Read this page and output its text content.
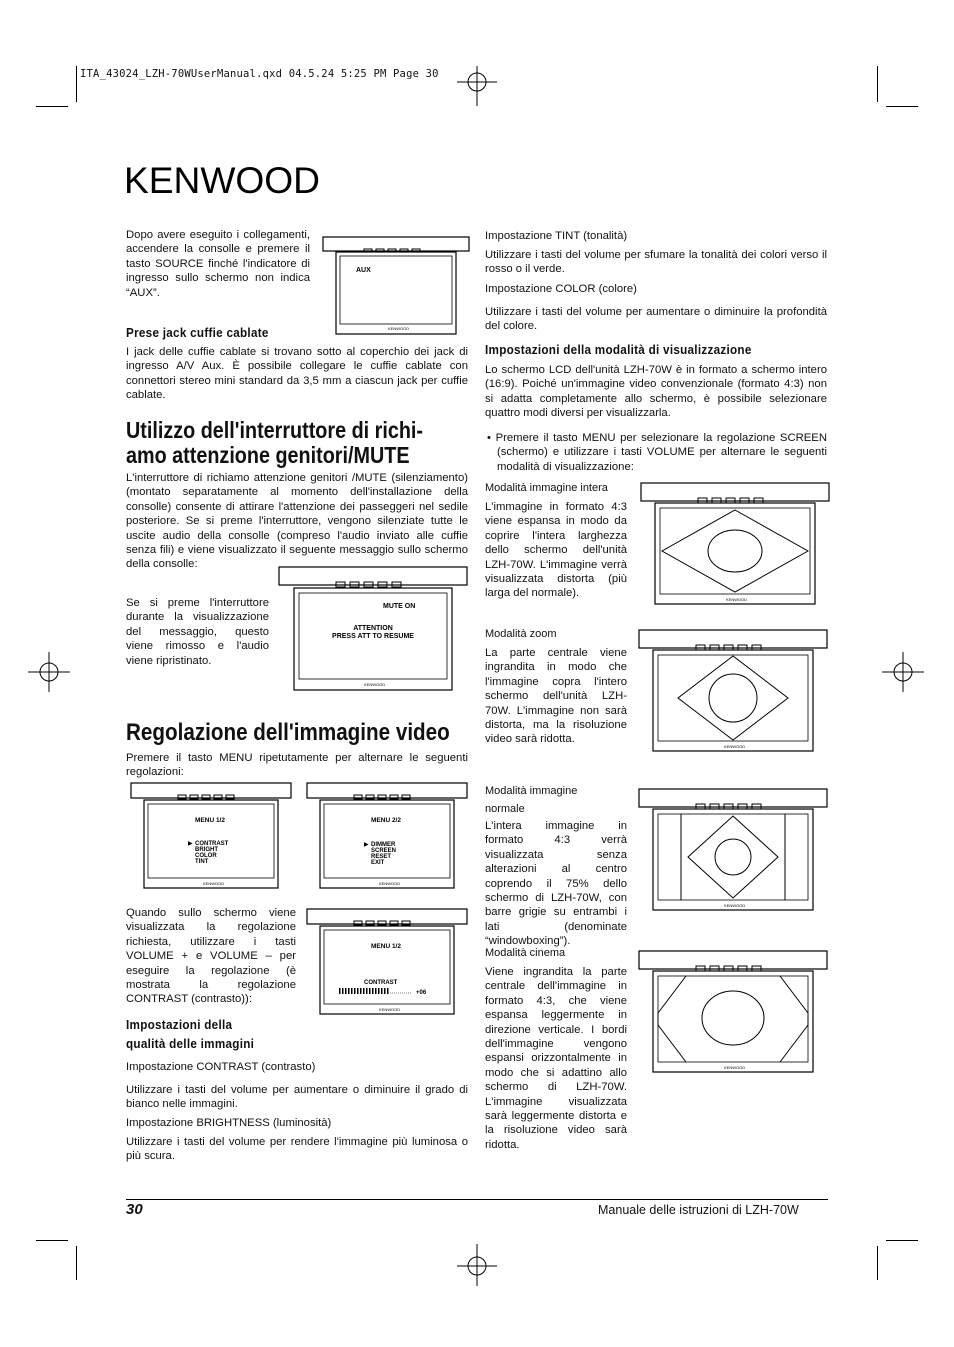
ITA_43024_LZH-70WUserManual.qxd 04.5.24 5:25 PM Page 30
KENWOOD

Dopo avere eseguito i collegamenti, accendere la consolle e premere il tasto SOURCE finché l'indicatore di ingresso sullo schermo non indica “AUX”.

AUX
KENWOOD
Prese jack cuffie cablate

I jack delle cuffie cablate si trovano sotto al coperchio dei jack di ingresso A/V Aux. È possibile collegare le cuffie cablate con connettori stereo mini standard da 3,5 mm a ciascun jack per cuffie cablate.

Utilizzo dell'interruttore di richi-
amo attenzione genitori/MUTE

L'interruttore di richiamo attenzione genitori /MUTE (silenziamento) (montato separatamente al momento dell'installazione della consolle) consente di attirare l'attenzione dei passeggeri nel sedile posteriore. Se si preme l'interruttore, vengono silenziate tutte le uscite audio della consolle (compreso l'audio inviato alle cuffie senza fili) e viene visualizzato il seguente messaggio sullo schermo della consolle:

Se si preme l'interruttore durante la visualizzazione del messaggio, questo viene rimosso e l'audio viene ripristinato.

MUTE ON
ATTENTION
PRESS ATT TO RESUME
KENWOOD
Regolazione dell'immagine video

Premere il tasto MENU ripetutamente per alternare le seguenti regolazioni:

MENU 1/2
▶ CONTRAST
BRIGHT
COLOR
TINT
KENWOOD
MENU 2/2
▶ DIMMER
SCREEN
RESET
EXIT
KENWOOD

Quando sullo schermo viene visualizzata la regolazione richiesta, utilizzare i tasti VOLUME + e VOLUME – per eseguire la regolazione (è mostrata la regolazione CONTRAST (contrasto)):

MENU 1/2
CONTRAST
+06
KENWOOD
Impostazioni della
qualità delle immagini

Impostazione CONTRAST (contrasto)

Utilizzare i tasti del volume per aumentare o diminuire il grado di bianco nelle immagini.

Impostazione BRIGHTNESS (luminosità)

Utilizzare i tasti del volume per rendere l'immagine più luminosa o più scura.

Impostazione TINT (tonalità)

Utilizzare i tasti del volume per sfumare la tonalità dei colori verso il rosso o il verde.

Impostazione COLOR (colore)

Utilizzare i tasti del volume per aumentare o diminuire la profondità del colore.

Impostazioni della modalità di visualizzazione

Lo schermo LCD dell'unità LZH-70W è in formato a schermo intero (16:9). Poiché un'immagine video convenzionale (formato 4:3) non si adatta completamente allo schermo, è possibile selezionare quattro modi diversi per visualizzarla.

• Premere il tasto MENU per selezionare la regolazione SCREEN (schermo) e utilizzare i tasti VOLUME per alternare le seguenti modalità di visualizzazione:

Modalità immagine intera

L'immagine in formato 4:3 viene espansa in modo da coprire l'intera larghezza dello schermo dell'unità LZH-70W. L'immagine verrà visualizzata distorta (più larga del normale).

KENWOOD

Modalità zoom

La parte centrale viene ingrandita in modo che l'immagine copra l'intero schermo dell'unità LZH-70W. L'immagine non sarà distorta, ma la risoluzione video sarà ridotta.

KENWOOD

Modalità immagine normale

L'intera immagine in formato 4:3 verrà visualizzata senza alterazioni al centro coprendo il 75% dello schermo di LZH-70W, con barre grigie su entrambi i lati (denominate “windowboxing”).

KENWOOD

Modalità cinema

Viene ingrandita la parte centrale dell'immagine in formato 4:3, che viene espansa leggermente in direzione verticale. I bordi dell'immagine vengono espansi orizzontalmente in modo che si adattino allo schermo di LZH-70W. L'immagine visualizzata sarà leggermente distorta e la risoluzione video sarà ridotta.

KENWOOD
30	Manuale delle istruzioni di LZH-70W
